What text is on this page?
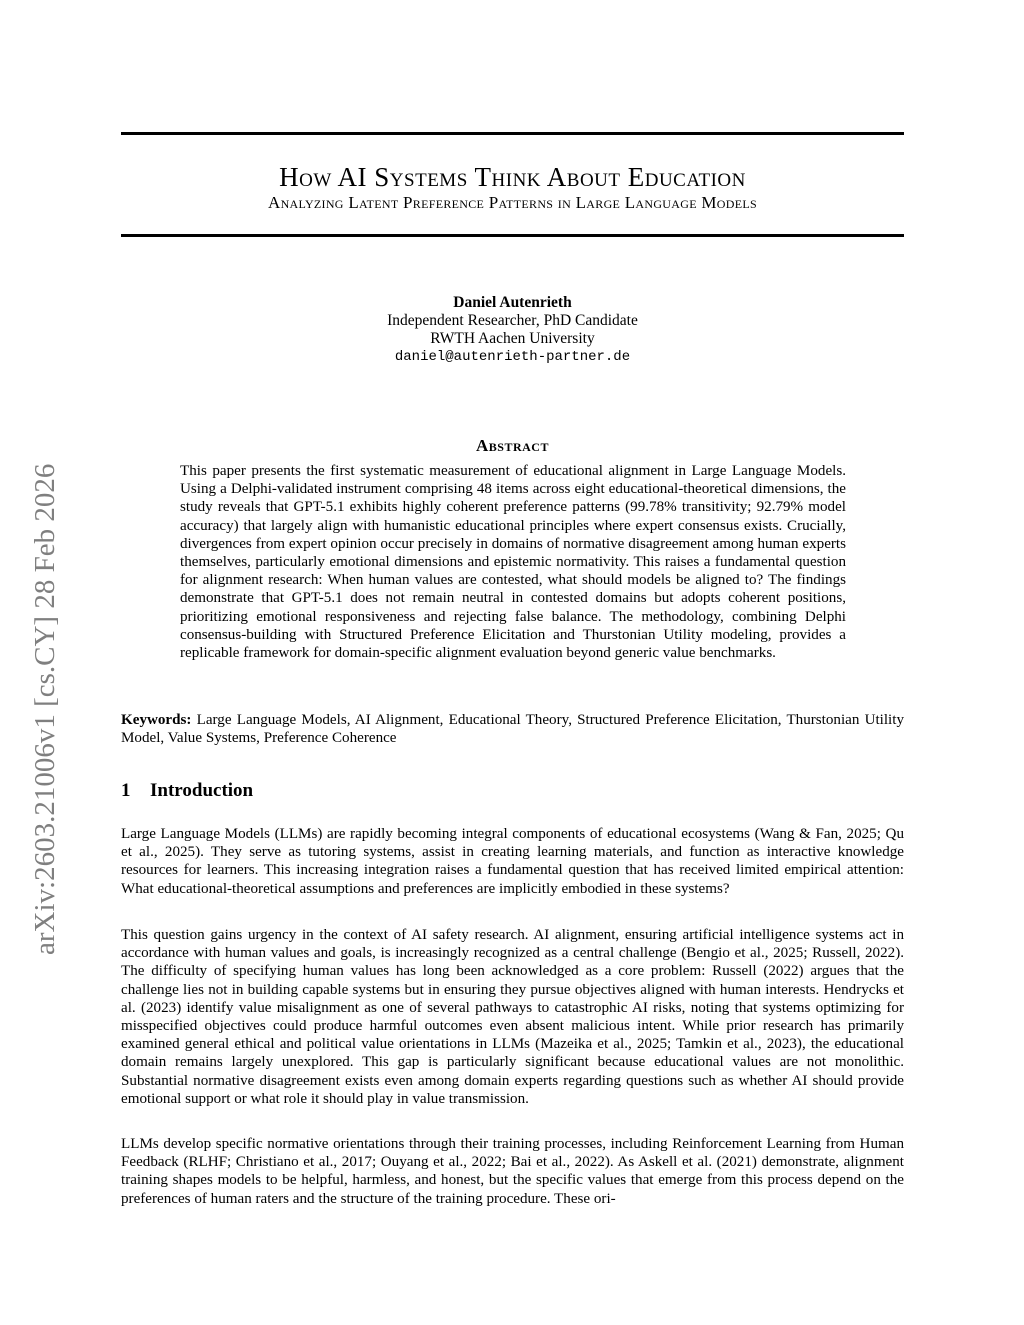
How AI Systems Think About Education
Analyzing Latent Preference Patterns in Large Language Models
Daniel Autenrieth
Independent Researcher, PhD Candidate
RWTH Aachen University
daniel@autenrieth-partner.de
arXiv:2603.21006v1 [cs.CY] 28 Feb 2026
Abstract
This paper presents the first systematic measurement of educational alignment in Large Language Models. Using a Delphi-validated instrument comprising 48 items across eight educational-theoretical dimensions, the study reveals that GPT-5.1 exhibits highly coherent preference patterns (99.78% transitivity; 92.79% model accuracy) that largely align with humanistic educational principles where expert consensus exists. Crucially, divergences from expert opinion occur precisely in domains of normative disagreement among human experts themselves, particularly emotional dimensions and epistemic normativity. This raises a fundamental question for alignment research: When human values are contested, what should models be aligned to? The findings demonstrate that GPT-5.1 does not remain neutral in contested domains but adopts coherent positions, prioritizing emotional responsiveness and rejecting false balance. The methodology, combining Delphi consensus-building with Structured Preference Elicitation and Thurstonian Utility modeling, provides a replicable framework for domain-specific alignment evaluation beyond generic value benchmarks.
Keywords: Large Language Models, AI Alignment, Educational Theory, Structured Preference Elicitation, Thurstonian Utility Model, Value Systems, Preference Coherence
1 Introduction
Large Language Models (LLMs) are rapidly becoming integral components of educational ecosystems (Wang & Fan, 2025; Qu et al., 2025). They serve as tutoring systems, assist in creating learning materials, and function as interactive knowledge resources for learners. This increasing integration raises a fundamental question that has received limited empirical attention: What educational-theoretical assumptions and preferences are implicitly embodied in these systems?
This question gains urgency in the context of AI safety research. AI alignment, ensuring artificial intelligence systems act in accordance with human values and goals, is increasingly recognized as a central challenge (Bengio et al., 2025; Russell, 2022). The difficulty of specifying human values has long been acknowledged as a core problem: Russell (2022) argues that the challenge lies not in building capable systems but in ensuring they pursue objectives aligned with human interests. Hendrycks et al. (2023) identify value misalignment as one of several pathways to catastrophic AI risks, noting that systems optimizing for misspecified objectives could produce harmful outcomes even absent malicious intent. While prior research has primarily examined general ethical and political value orientations in LLMs (Mazeika et al., 2025; Tamkin et al., 2023), the educational domain remains largely unexplored. This gap is particularly significant because educational values are not monolithic. Substantial normative disagreement exists even among domain experts regarding questions such as whether AI should provide emotional support or what role it should play in value transmission.
LLMs develop specific normative orientations through their training processes, including Reinforcement Learning from Human Feedback (RLHF; Christiano et al., 2017; Ouyang et al., 2022; Bai et al., 2022). As Askell et al. (2021) demonstrate, alignment training shapes models to be helpful, harmless, and honest, but the specific values that emerge from this process depend on the preferences of human raters and the structure of the training procedure. These ori-
